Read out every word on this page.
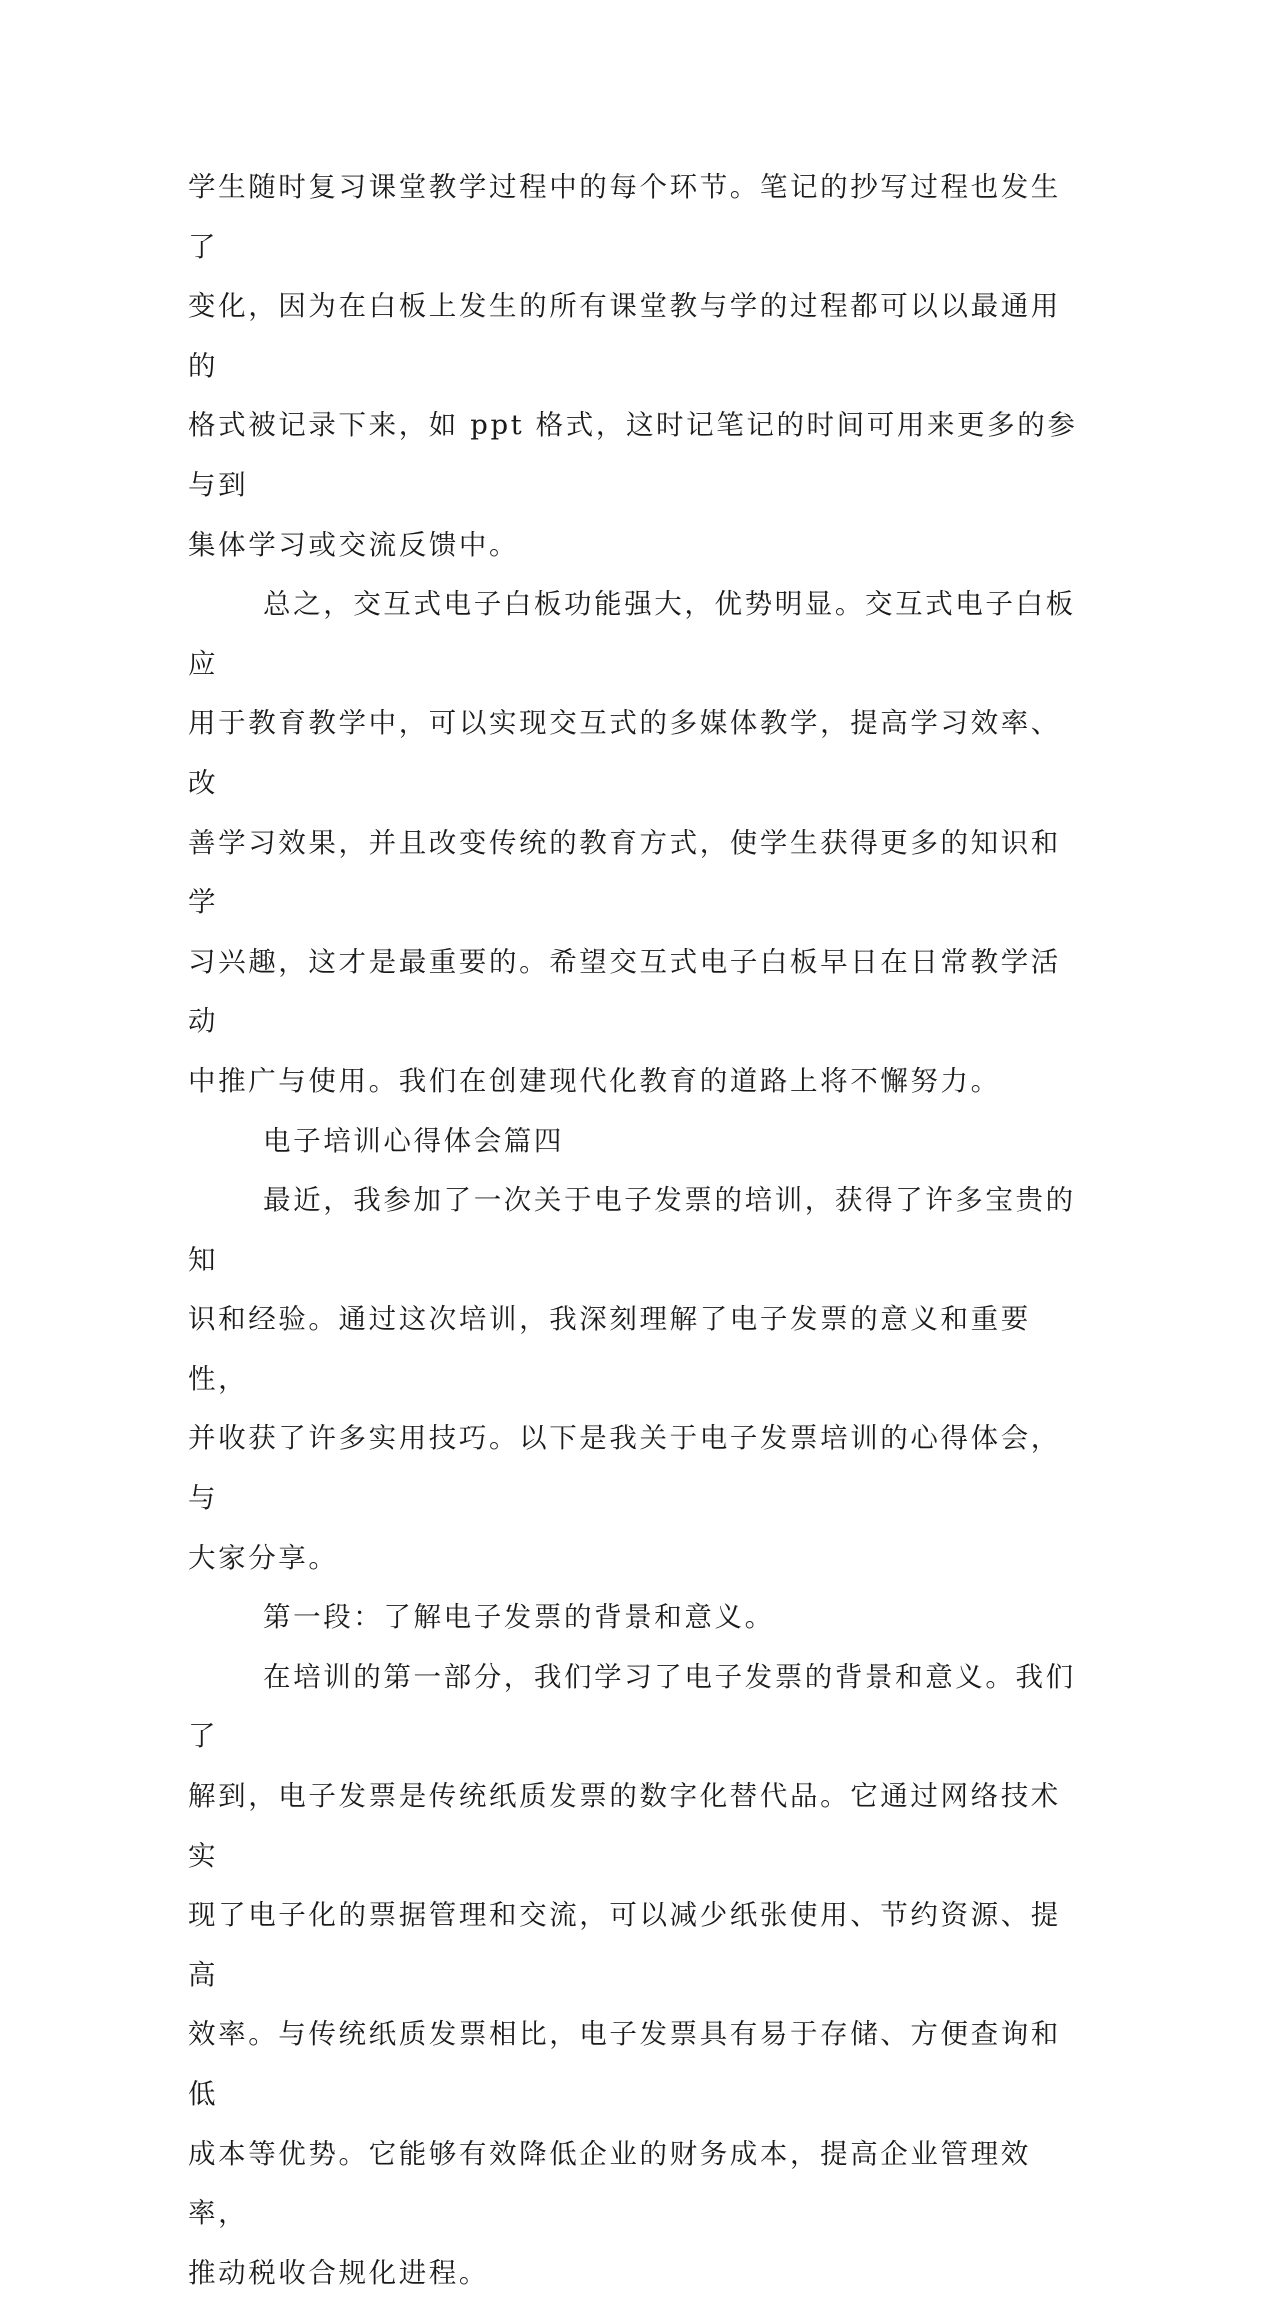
学生随时复习课堂教学过程中的每个环节。笔记的抄写过程也发生了
变化，因为在白板上发生的所有课堂教与学的过程都可以以最通用的
格式被记录下来，如 ppt 格式，这时记笔记的时间可用来更多的参与到
集体学习或交流反馈中。

总之，交互式电子白板功能强大，优势明显。交互式电子白板应
用于教育教学中，可以实现交互式的多媒体教学，提高学习效率、改
善学习效果，并且改变传统的教育方式，使学生获得更多的知识和学
习兴趣，这才是最重要的。希望交互式电子白板早日在日常教学活动
中推广与使用。我们在创建现代化教育的道路上将不懈努力。

电子培训心得体会篇四

最近，我参加了一次关于电子发票的培训，获得了许多宝贵的知
识和经验。通过这次培训，我深刻理解了电子发票的意义和重要性，
并收获了许多实用技巧。以下是我关于电子发票培训的心得体会，与
大家分享。

第一段：了解电子发票的背景和意义。

在培训的第一部分，我们学习了电子发票的背景和意义。我们了
解到，电子发票是传统纸质发票的数字化替代品。它通过网络技术实
现了电子化的票据管理和交流，可以减少纸张使用、节约资源、提高
效率。与传统纸质发票相比，电子发票具有易于存储、方便查询和低
成本等优势。它能够有效降低企业的财务成本，提高企业管理效率，
推动税收合规化进程。
